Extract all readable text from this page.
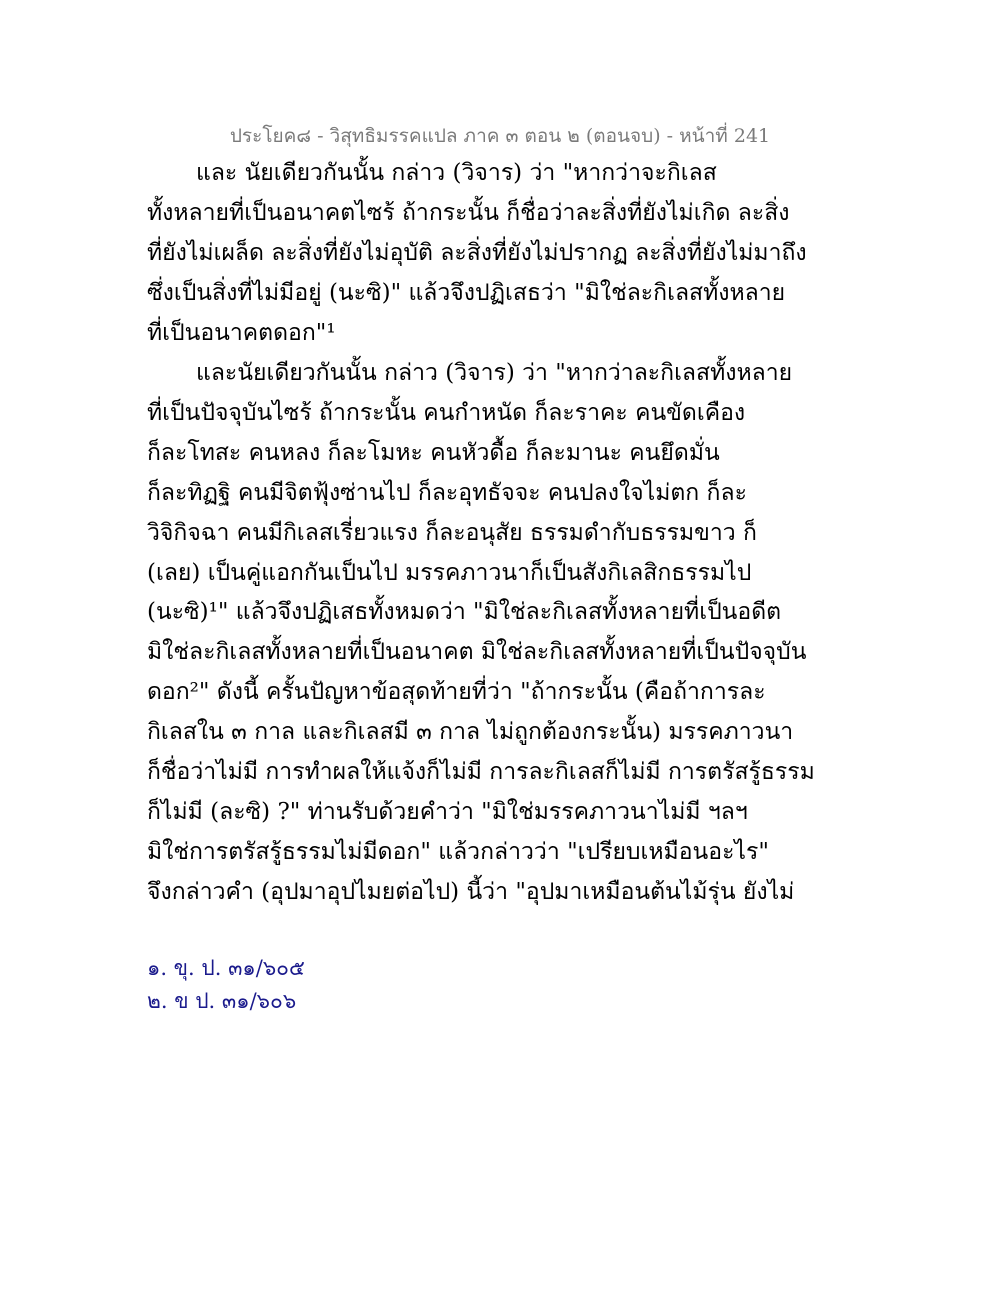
ประโยค๘ - วิสุทธิมรรคแปล ภาค ๓ ตอน ๒ (ตอนจบ) - หน้าที่ 241
และ นัยเดียวกันนั้น กล่าว (วิจาร) ว่า "หากว่าจะกิเลส
ทั้งหลายที่เป็นอนาคตไซร้ ถ้ากระนั้น ก็ชื่อว่าละสิ่งที่ยังไม่เกิด ละสิ่ง
ที่ยังไม่เผล็ด ละสิ่งที่ยังไม่อุบัติ ละสิ่งที่ยังไม่ปรากฏ ละสิ่งที่ยังไม่มาถึง
ซึ่งเป็นสิ่งที่ไม่มีอยู่ (นะซิ)" แล้วจึงปฏิเสธว่า "มิใช่ละกิเลสทั้งหลาย
ที่เป็นอนาคตดอก"¹
และนัยเดียวกันนั้น กล่าว (วิจาร) ว่า "หากว่าละกิเลสทั้งหลาย
ที่เป็นปัจจุบันไซร้ ถ้ากระนั้น คนกำหนัด ก็ละราคะ คนขัดเคือง
ก็ละโทสะ คนหลง ก็ละโมหะ คนหัวดื้อ ก็ละมานะ คนยึดมั่น
ก็ละทิฏฐิ คนมีจิตฟุ้งซ่านไป ก็ละอุทธัจจะ คนปลงใจไม่ตก ก็ละ
วิจิกิจฉา คนมีกิเลสเรี่ยวแรง ก็ละอนุสัย ธรรมดำกับธรรมขาว ก็
(เลย) เป็นคู่แอกกันเป็นไป มรรคภาวนาก็เป็นสังกิเลสิกธรรมไป
(นะซิ)¹" แล้วจึงปฏิเสธทั้งหมดว่า "มิใช่ละกิเลสทั้งหลายที่เป็นอดีต
มิใช่ละกิเลสทั้งหลายที่เป็นอนาคต มิใช่ละกิเลสทั้งหลายที่เป็นปัจจุบัน
ดอก²" ดังนี้ ครั้นปัญหาข้อสุดท้ายที่ว่า "ถ้ากระนั้น (คือถ้าการละ
กิเลสใน ๓ กาล และกิเลสมี ๓ กาล ไม่ถูกต้องกระนั้น) มรรคภาวนา
ก็ชื่อว่าไม่มี การทำผลให้แจ้งก็ไม่มี การละกิเลสก็ไม่มี การตรัสรู้ธรรม
ก็ไม่มี (ละซิ) ?" ท่านรับด้วยคำว่า "มิใช่มรรคภาวนาไม่มี ฯลฯ
มิใช่การตรัสรู้ธรรมไม่มีดอก" แล้วกล่าวว่า "เปรียบเหมือนอะไร"
จึงกล่าวคำ (อุปมาอุปไมยต่อไป) นี้ว่า "อุปมาเหมือนต้นไม้รุ่น ยังไม่
๑. ขุ. ป. ๓๑/๖๐๕
๒. ข ป. ๓๑/๖๐๖
